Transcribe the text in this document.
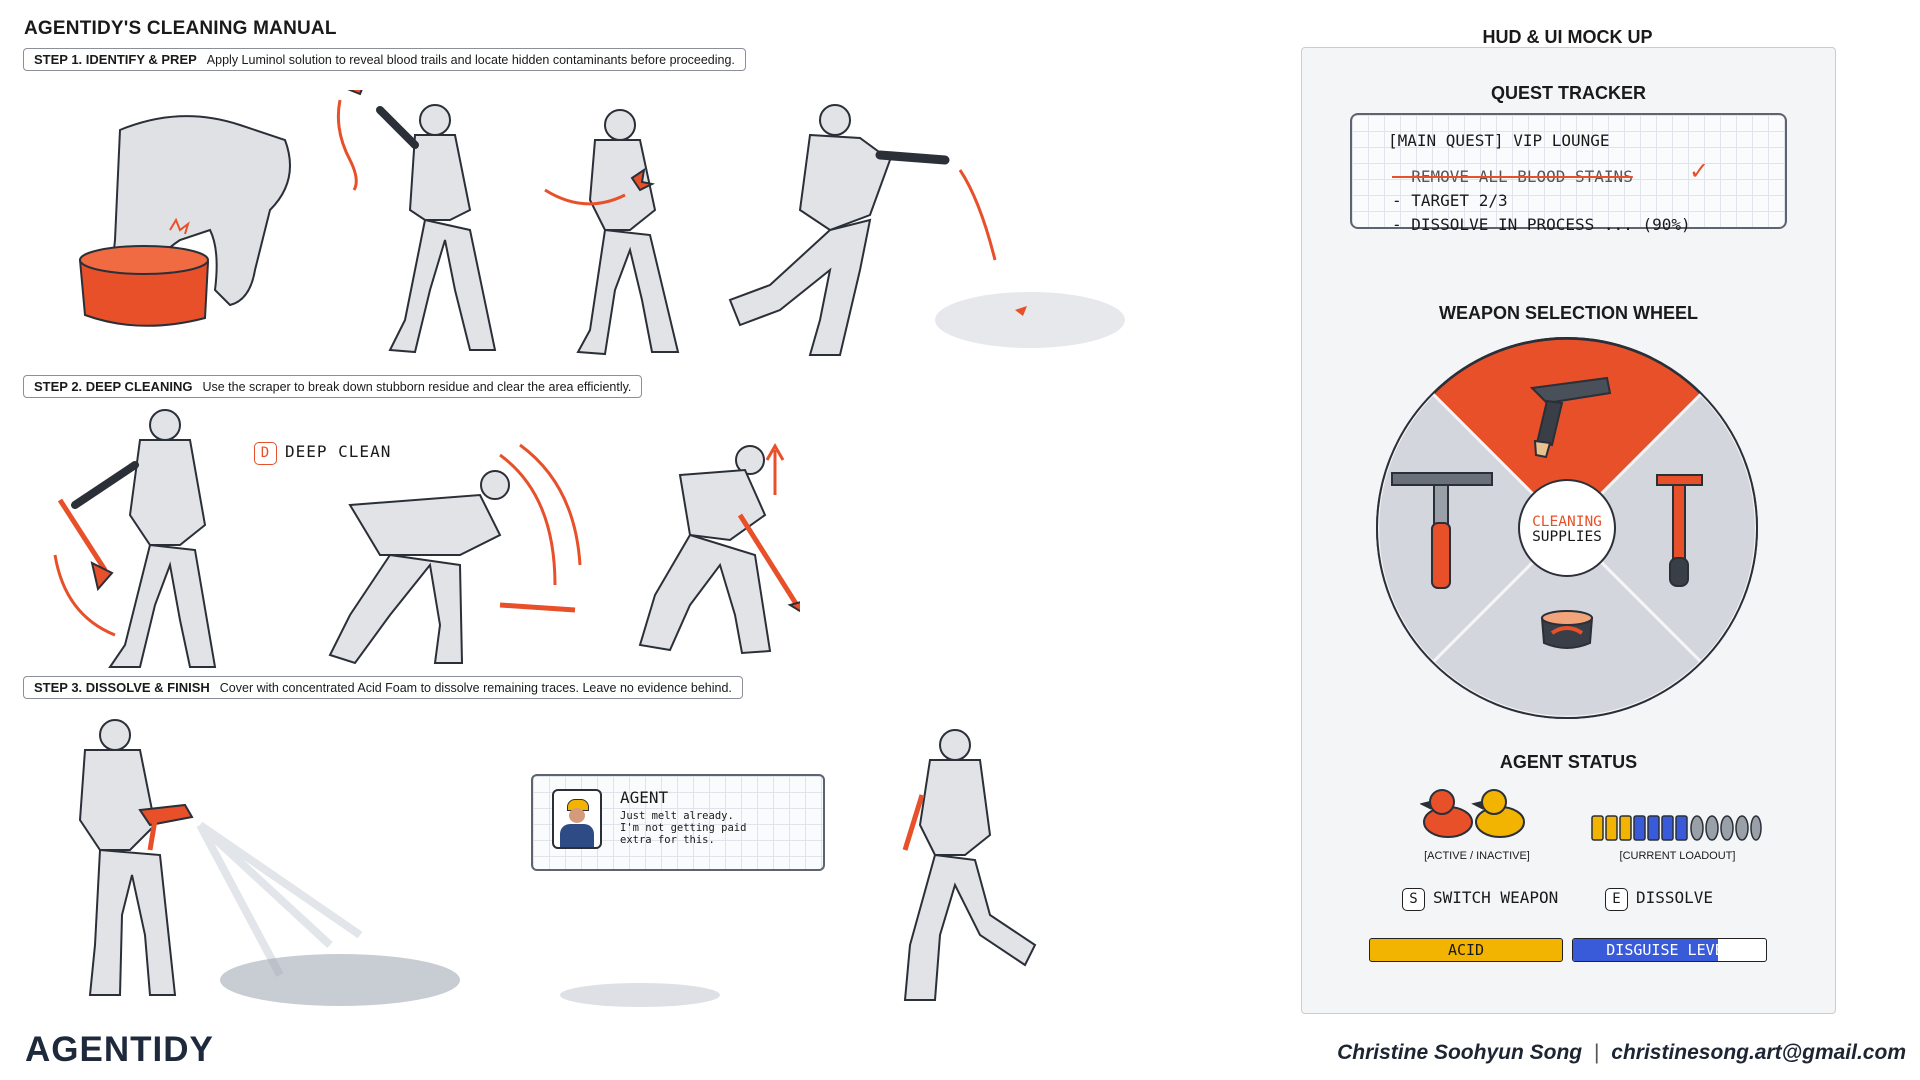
AGENTIDY'S CLEANING MANUAL
STEP 1. IDENTIFY & PREP Apply Luminol solution to reveal blood trails and locate hidden contaminants before proceeding.
STEP 2. DEEP CLEANING Use the scraper to break down stubborn residue and clear the area efficiently.
STEP 3. DISSOLVE & FINISH Cover with concentrated Acid Foam to dissolve remaining traces. Leave no evidence behind.
D DEEP CLEAN
AGENT
Just melt already.
I'm not getting paid
extra for this.
HUD & UI MOCK UP
QUEST TRACKER
[MAIN QUEST] VIP LOUNGE
- REMOVE ALL BLOOD STAINS ✓
- TARGET 2/3
- DISSOLVE IN PROCESS ... (90%)
WEAPON SELECTION WHEEL
CLEANING
SUPPLIES
AGENT STATUS
[ACTIVE / INACTIVE]	[CURRENT LOADOUT]
S SWITCH WEAPON	E DISSOLVE
ACID	DISGUISE LEVEL
AGENTIDY	Christine Soohyun Song | christinesong.art@gmail.com
